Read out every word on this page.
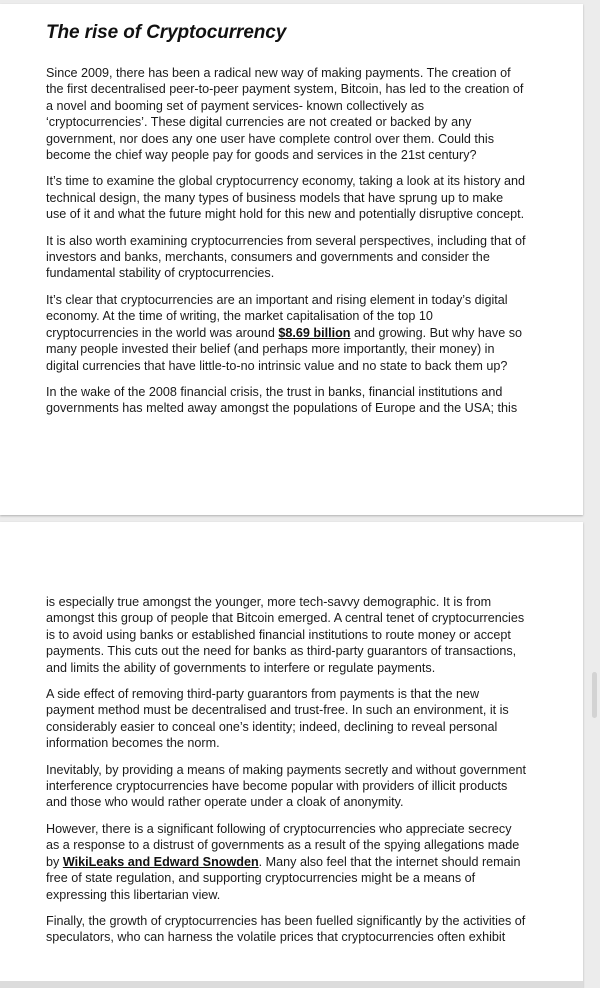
The rise of Cryptocurrency

Since 2009, there has been a radical new way of making payments. The creation of the first decentralised peer-to-peer payment system, Bitcoin, has led to the creation of a novel and booming set of payment services- known collectively as ‘cryptocurrencies’. These digital currencies are not created or backed by any government, nor does any one user have complete control over them. Could this become the chief way people pay for goods and services in the 21st century?

It’s time to examine the global cryptocurrency economy, taking a look at its history and technical design, the many types of business models that have sprung up to make use of it and what the future might hold for this new and potentially disruptive concept.

It is also worth examining cryptocurrencies from several perspectives, including that of investors and banks, merchants, consumers and governments and consider the fundamental stability of cryptocurrencies.

It’s clear that cryptocurrencies are an important and rising element in today’s digital economy. At the time of writing, the market capitalisation of the top 10 cryptocurrencies in the world was around $8.69 billion and growing. But why have so many people invested their belief (and perhaps more importantly, their money) in digital currencies that have little-to-no intrinsic value and no state to back them up?

In the wake of the 2008 financial crisis, the trust in banks, financial institutions and governments has melted away amongst the populations of Europe and the USA; this

is especially true amongst the younger, more tech-savvy demographic. It is from amongst this group of people that Bitcoin emerged. A central tenet of cryptocurrencies is to avoid using banks or established financial institutions to route money or accept payments. This cuts out the need for banks as third-party guarantors of transactions, and limits the ability of governments to interfere or regulate payments.

A side effect of removing third-party guarantors from payments is that the new payment method must be decentralised and trust-free. In such an environment, it is considerably easier to conceal one’s identity; indeed, declining to reveal personal information becomes the norm.

Inevitably, by providing a means of making payments secretly and without government interference cryptocurrencies have become popular with providers of illicit products and those who would rather operate under a cloak of anonymity.

However, there is a significant following of cryptocurrencies who appreciate secrecy as a response to a distrust of governments as a result of the spying allegations made by WikiLeaks and Edward Snowden. Many also feel that the internet should remain free of state regulation, and supporting cryptocurrencies might be a means of expressing this libertarian view.

Finally, the growth of cryptocurrencies has been fuelled significantly by the activities of speculators, who can harness the volatile prices that cryptocurrencies often exhibit
